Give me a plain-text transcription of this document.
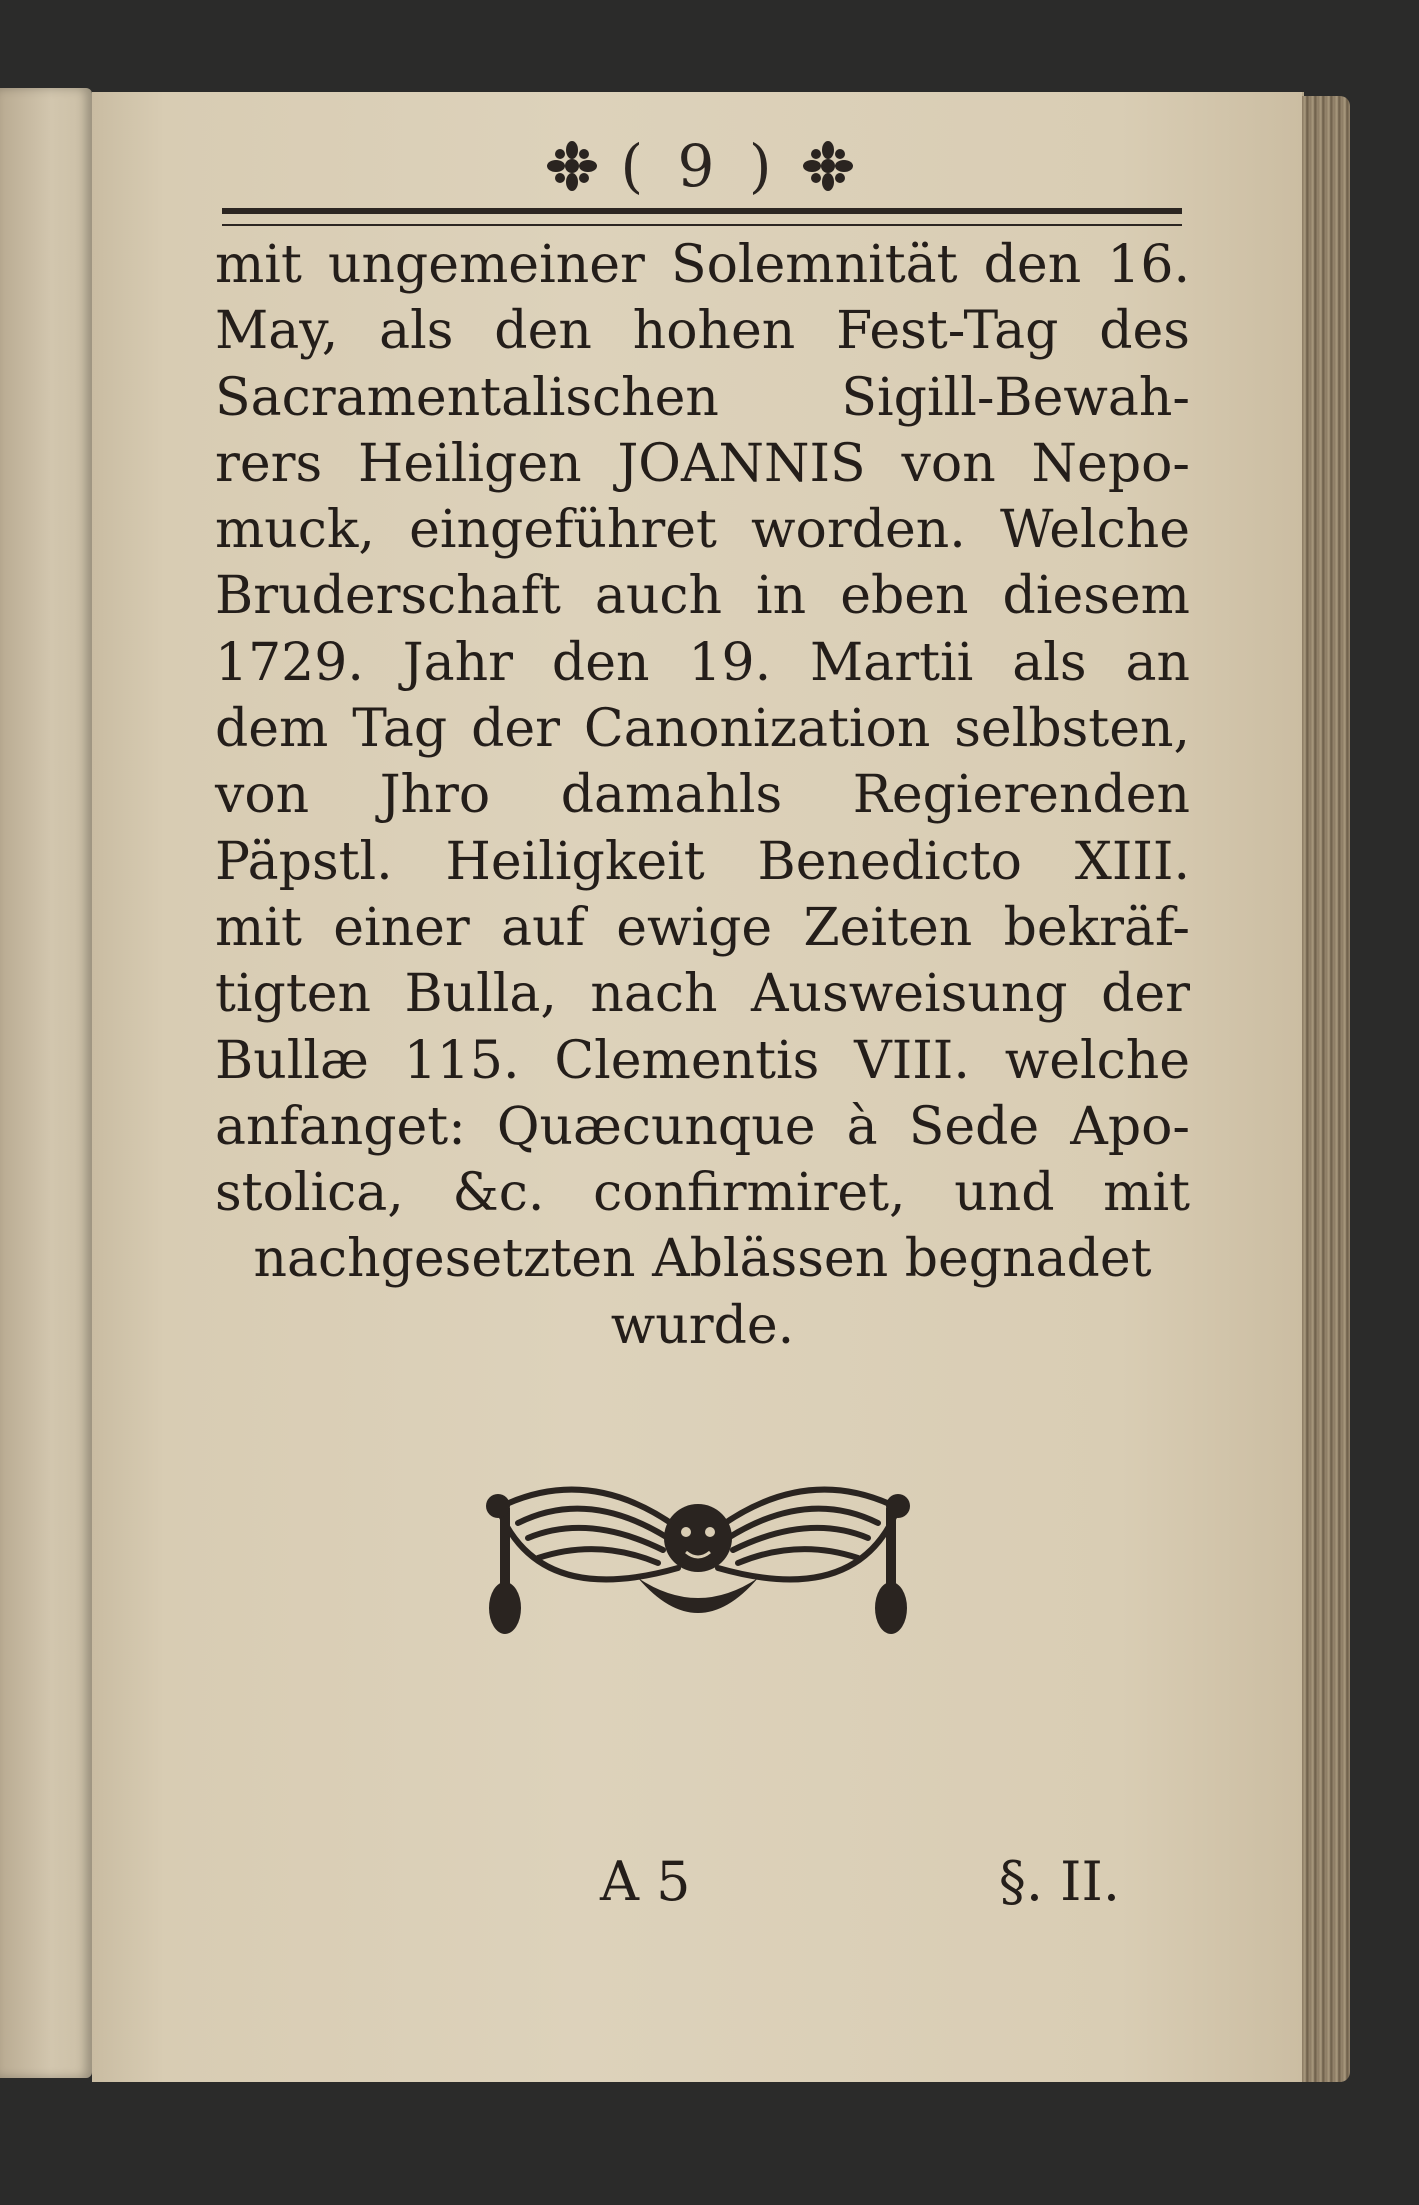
( 9 )
mit ungemeiner Solemnität den 16.
May, als den hohen Fest-Tag des
Sacramentalischen Sigill-Bewah-
rers Heiligen JOANNIS von Nepo-
muck, eingeführet worden. Welche
Bruderschaft auch in eben diesem
1729. Jahr den 19. Martii als an
dem Tag der Canonization selbsten,
von Jhro damahls Regierenden
Päpstl. Heiligkeit Benedicto XIII.
mit einer auf ewige Zeiten bekräf-
tigten Bulla, nach Ausweisung der
Bullæ 115. Clementis VIII. welche
anfanget: Quæcunque à Sede Apo-
stolica, &c. confirmiret, und mit
nachgesetzten Ablässen begnadet
wurde.
A 5	§. II.
